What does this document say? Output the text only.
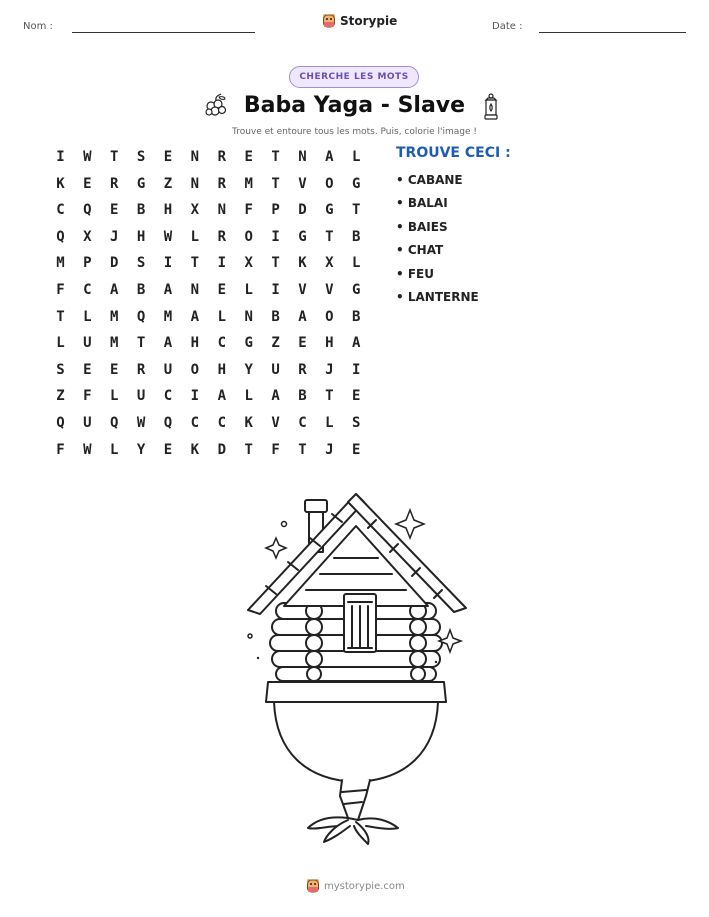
Nom :	Storypie	Date :
CHERCHE LES MOTS
Baba Yaga - Slave
Trouve et entoure tous les mots. Puis, colorie l'image !
I	W	T	S	E	N	R	E	T	N	A	L
K	E	R	G	Z	N	R	M	T	V	O	G
C	Q	E	B	H	X	N	F	P	D	G	T
Q	X	J	H	W	L	R	O	I	G	T	B
M	P	D	S	I	T	I	X	T	K	X	L
F	C	A	B	A	N	E	L	I	V	V	G
T	L	M	Q	M	A	L	N	B	A	O	B
L	U	M	T	A	H	C	G	Z	E	H	A
S	E	E	R	U	O	H	Y	U	R	J	I
Z	F	L	U	C	I	A	L	A	B	T	E
Q	U	Q	W	Q	C	C	K	V	C	L	S
F	W	L	Y	E	K	D	T	F	T	J	E
TROUVE CECI :
• CABANE
• BALAI
• BAIES
• CHAT
• FEU
• LANTERNE
mystorypie.com
